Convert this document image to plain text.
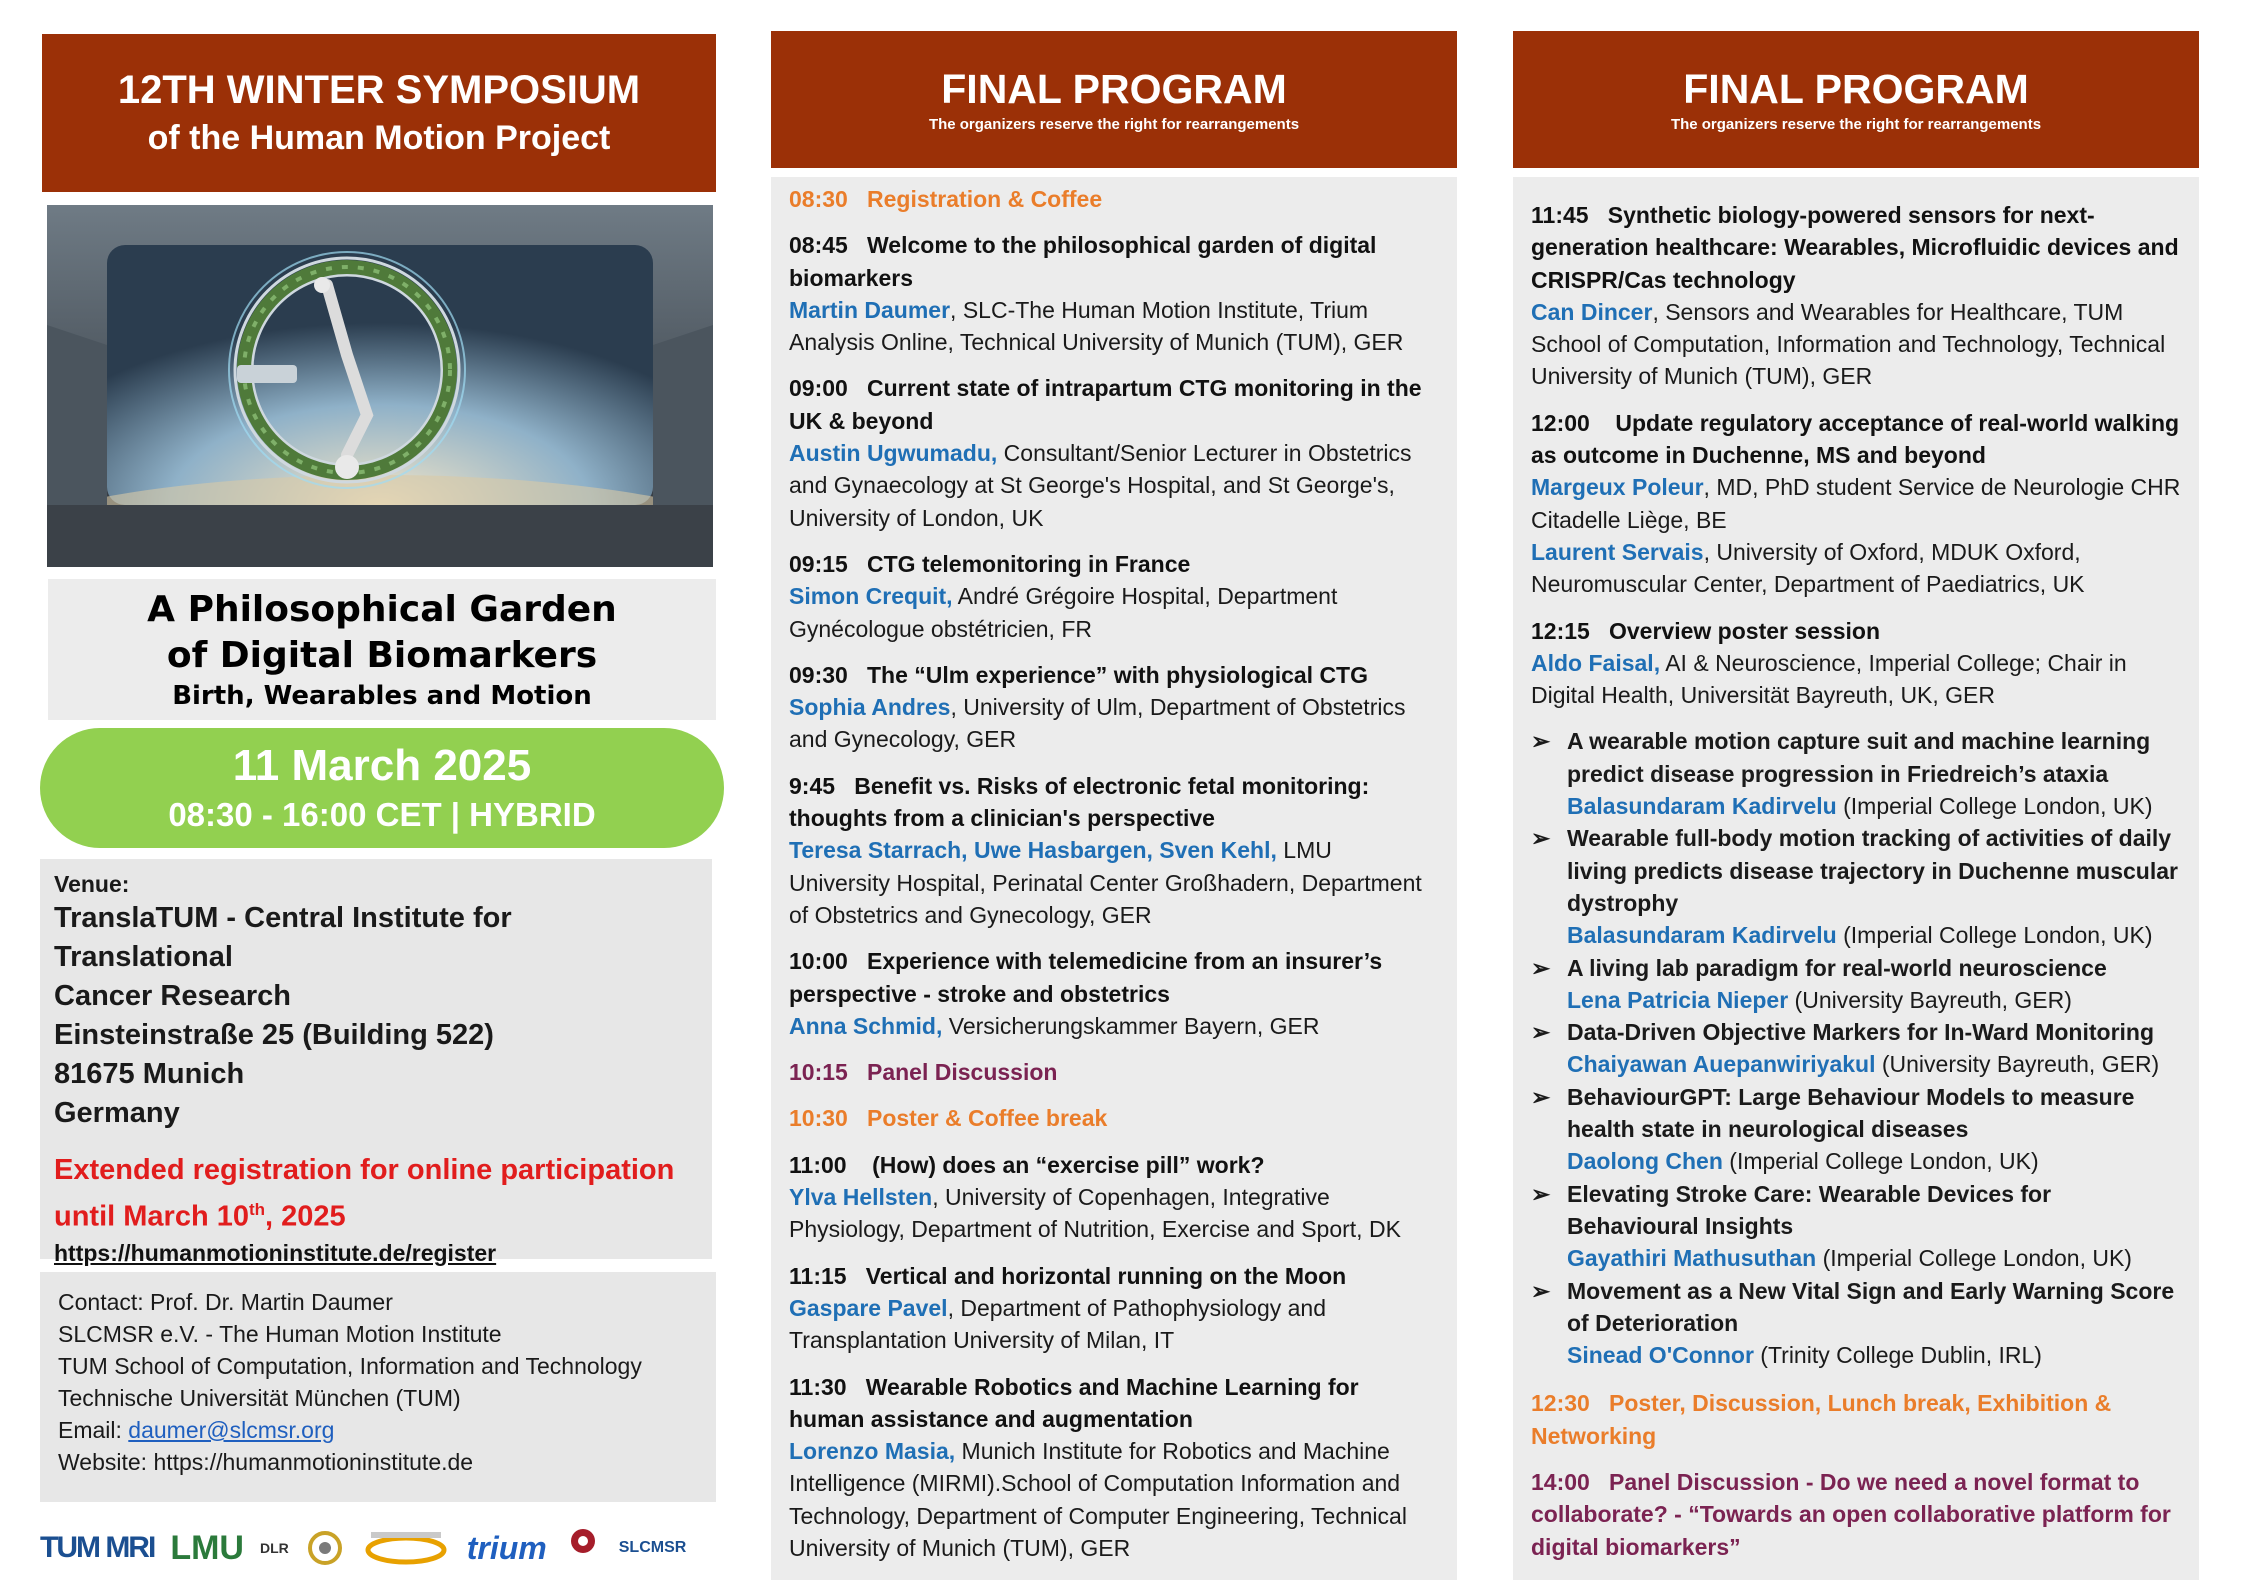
12TH WINTER SYMPOSIUM
of the Human Motion Project
A Philosophical Garden
of Digital Biomarkers
Birth, Wearables and Motion
11 March 2025
08:30 - 16:00 CET | HYBRID
Venue:
TranslaTUM - Central Institute for Translational
Cancer Research
Einsteinstraße 25 (Building 522)
81675 Munich
Germany
Extended registration for online participation
until March 10th, 2025
https://humanmotioninstitute.de/register
Contact: Prof. Dr. Martin Daumer
SLCMSR e.V. - The Human Motion Institute
TUM School of Computation, Information and Technology
Technische Universität München (TUM)
Email: daumer@slcmsr.org
Website: https://humanmotioninstitute.de
TUM MRI LMU DLR	trium	SLCMSR
FINAL PROGRAM
The organizers reserve the right for rearrangements
08:30 Registration & Coffee
08:45 Welcome to the philosophical garden of digital biomarkers
Martin Daumer, SLC-The Human Motion Institute, Trium Analysis Online, Technical University of Munich (TUM), GER
09:00 Current state of intrapartum CTG monitoring in the UK & beyond
Austin Ugwumadu, Consultant/Senior Lecturer in Obstetrics and Gynaecology at St George's Hospital, and St George's, University of London, UK
09:15 CTG telemonitoring in France
Simon Crequit, André Grégoire Hospital, Department Gynécologue obstétricien, FR
09:30 The “Ulm experience” with physiological CTG
Sophia Andres, University of Ulm, Department of Obstetrics and Gynecology, GER
9:45 Benefit vs. Risks of electronic fetal monitoring: thoughts from a clinician's perspective
Teresa Starrach, Uwe Hasbargen, Sven Kehl, LMU University Hospital, Perinatal Center Großhadern, Department of Obstetrics and Gynecology, GER
10:00 Experience with telemedicine from an insurer’s perspective - stroke and obstetrics
Anna Schmid, Versicherungskammer Bayern, GER
10:15 Panel Discussion
10:30 Poster & Coffee break
11:00    (How) does an “exercise pill” work?
Ylva Hellsten, University of Copenhagen, Integrative Physiology, Department of Nutrition, Exercise and Sport, DK
11:15 Vertical and horizontal running on the Moon
Gaspare Pavel, Department of Pathophysiology and Transplantation University of Milan, IT
11:30 Wearable Robotics and Machine Learning for human assistance and augmentation
Lorenzo Masia, Munich Institute for Robotics and Machine Intelligence (MIRMI).School of Computation Information and Technology, Department of Computer Engineering, Technical University of Munich (TUM), GER
FINAL PROGRAM
The organizers reserve the right for rearrangements
11:45 Synthetic biology-powered sensors for next-generation healthcare: Wearables, Microfluidic devices and CRISPR/Cas technology
Can Dincer, Sensors and Wearables for Healthcare, TUM School of Computation, Information and Technology, Technical University of Munich (TUM), GER
12:00    Update regulatory acceptance of real-world walking as outcome in Duchenne, MS and beyond
Margeux Poleur, MD, PhD student Service de Neurologie CHR Citadelle Liège, BE
Laurent Servais, University of Oxford, MDUK Oxford, Neuromuscular Center, Department of Paediatrics, UK
12:15 Overview poster session
Aldo Faisal, AI & Neuroscience, Imperial College; Chair in Digital Health, Universität Bayreuth, UK, GER
➢ A wearable motion capture suit and machine learning predict disease progression in Friedreich’s ataxia
Balasundaram Kadirvelu (Imperial College London, UK)
➢ Wearable full-body motion tracking of activities of daily living predicts disease trajectory in Duchenne muscular dystrophy
Balasundaram Kadirvelu (Imperial College London, UK)
➢ A living lab paradigm for real-world neuroscience
Lena Patricia Nieper (University Bayreuth, GER)
➢ Data-Driven Objective Markers for In-Ward Monitoring
Chaiyawan Auepanwiriyakul (University Bayreuth, GER)
➢ BehaviourGPT: Large Behaviour Models to measure health state in neurological diseases
Daolong Chen (Imperial College London, UK)
➢ Elevating Stroke Care: Wearable Devices for Behavioural Insights
Gayathiri Mathusuthan (Imperial College London, UK)
➢ Movement as a New Vital Sign and Early Warning Score of Deterioration
Sinead O'Connor (Trinity College Dublin, IRL)
12:30 Poster, Discussion, Lunch break, Exhibition & Networking
14:00 Panel Discussion - Do we need a novel format to collaborate? - “Towards an open collaborative platform for digital biomarkers”
